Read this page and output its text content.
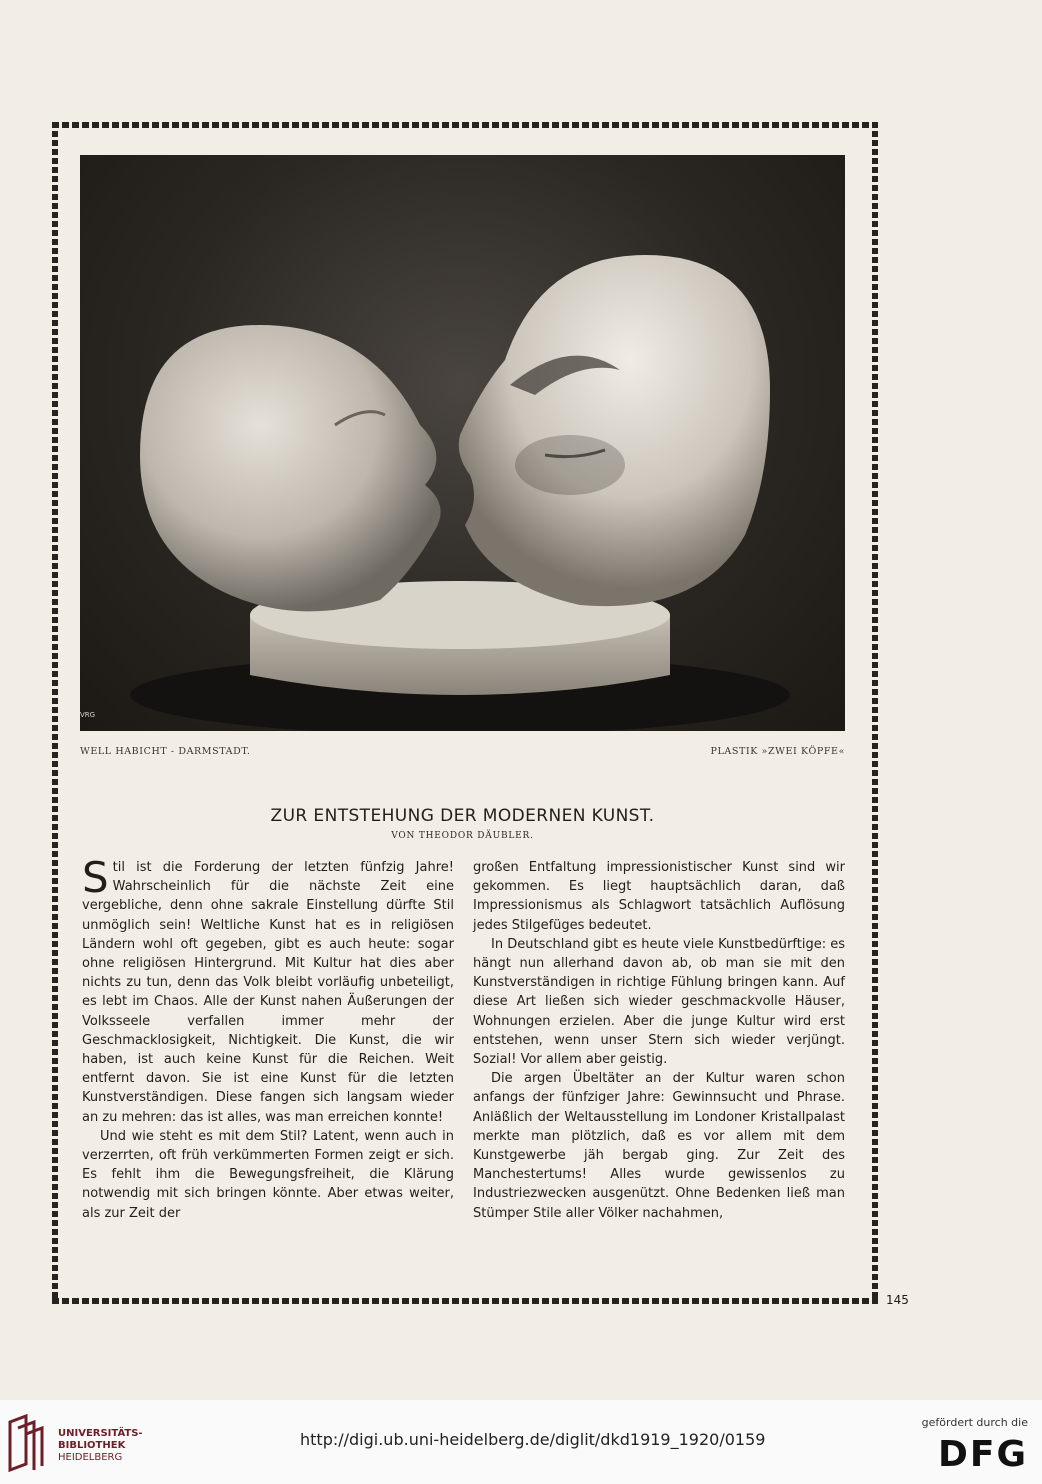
VRG
WELL HABICHT - DARMSTADT.	PLASTIK »ZWEI KÖPFE«
ZUR ENTSTEHUNG DER MODERNEN KUNST.
VON THEODOR DÄUBLER.

Stil ist die Forderung der letzten fünfzig Jahre! Wahrscheinlich für die nächste Zeit eine vergebliche, denn ohne sakrale Einstellung dürfte Stil unmöglich sein! Weltliche Kunst hat es in religiösen Ländern wohl oft gegeben, gibt es auch heute: sogar ohne religiösen Hintergrund. Mit Kultur hat dies aber nichts zu tun, denn das Volk bleibt vorläufig unbeteiligt, es lebt im Chaos. Alle der Kunst nahen Äußerungen der Volksseele verfallen immer mehr der Geschmacklosigkeit, Nichtigkeit. Die Kunst, die wir haben, ist auch keine Kunst für die Reichen. Weit entfernt davon. Sie ist eine Kunst für die letzten Kunstverständigen. Diese fangen sich langsam wieder an zu mehren: das ist alles, was man erreichen konnte!

Und wie steht es mit dem Stil? Latent, wenn auch in verzerrten, oft früh verkümmerten Formen zeigt er sich. Es fehlt ihm die Bewegungsfreiheit, die Klärung notwendig mit sich bringen könnte. Aber etwas weiter, als zur Zeit der

großen Entfaltung impressionistischer Kunst sind wir gekommen. Es liegt hauptsächlich daran, daß Impressionismus als Schlagwort tatsächlich Auflösung jedes Stilgefüges bedeutet.

In Deutschland gibt es heute viele Kunstbedürftige: es hängt nun allerhand davon ab, ob man sie mit den Kunstverständigen in richtige Fühlung bringen kann. Auf diese Art ließen sich wieder geschmackvolle Häuser, Wohnungen erzielen. Aber die junge Kultur wird erst entstehen, wenn unser Stern sich wieder verjüngt. Sozial! Vor allem aber geistig.

Die argen Übeltäter an der Kultur waren schon anfangs der fünfziger Jahre: Gewinnsucht und Phrase. Anläßlich der Weltausstellung im Londoner Kristallpalast merkte man plötzlich, daß es vor allem mit dem Kunstgewerbe jäh bergab ging. Zur Zeit des Manchestertums! Alles wurde gewissenlos zu Industriezwecken ausgenützt. Ohne Bedenken ließ man Stümper Stile aller Völker nachahmen,

145
UNIVERSITÄTS-
BIBLIOTHEK
HEIDELBERG
http://digi.ub.uni-heidelberg.de/diglit/dkd1919_1920/0159
gefördert durch die
DFG
